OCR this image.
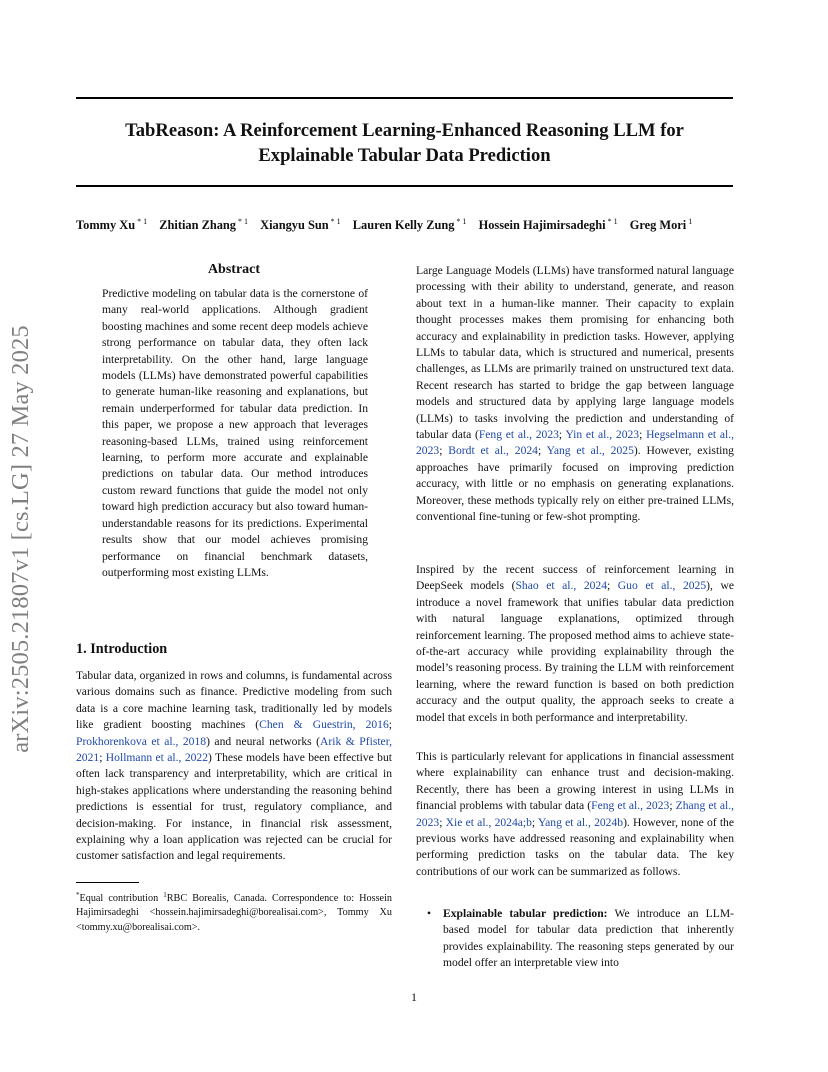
TabReason: A Reinforcement Learning-Enhanced Reasoning LLM for
Explainable Tabular Data Prediction
Tommy Xu $^{* 1}$ Zhitian Zhang $^{* 1}$ Xiangyu Sun $^{* 1}$ Lauren Kelly Zung $^{* 1}$ Hossein Hajimirsadeghi $^{* 1}$ Greg Mori $^1$
arXiv:2505.21807v1 [cs.LG] 27 May 2025
Abstract
Predictive modeling on tabular data is the cornerstone of many real-world applications. Although gradient boosting machines and some recent deep models achieve strong performance on tabular data, they often lack interpretability. On the other hand, large language models (LLMs) have demonstrated powerful capabilities to generate human-like reasoning and explanations, but remain underperformed for tabular data prediction. In this paper, we propose a new approach that leverages reasoning-based LLMs, trained using reinforcement learning, to perform more accurate and explainable predictions on tabular data. Our method introduces custom reward functions that guide the model not only toward high prediction accuracy but also toward human-understandable reasons for its predictions. Experimental results show that our model achieves promising performance on financial benchmark datasets, outperforming most existing LLMs.
1. Introduction

Tabular data, organized in rows and columns, is fundamental across various domains such as finance. Predictive modeling from such data is a core machine learning task, traditionally led by models like gradient boosting machines (Chen & Guestrin, 2016; Prokhorenkova et al., 2018) and neural networks (Arik & Pfister, 2021; Hollmann et al., 2022) These models have been effective but often lack transparency and interpretability, which are critical in high-stakes applications where understanding the reasoning behind predictions is essential for trust, regulatory compliance, and decision-making. For instance, in financial risk assessment, explaining why a loan application was rejected can be crucial for customer satisfaction and legal requirements.

*Equal contribution $^1$RBC Borealis, Canada. Correspondence to: Hossein Hajimirsadeghi <hossein.hajimirsadeghi@borealisai.com>, Tommy Xu <tommy.xu@borealisai.com>.

Large Language Models (LLMs) have transformed natural language processing with their ability to understand, generate, and reason about text in a human-like manner. Their capacity to explain thought processes makes them promising for enhancing both accuracy and explainability in prediction tasks. However, applying LLMs to tabular data, which is structured and numerical, presents challenges, as LLMs are primarily trained on unstructured text data. Recent research has started to bridge the gap between language models and structured data by applying large language models (LLMs) to tasks involving the prediction and understanding of tabular data (Feng et al., 2023; Yin et al., 2023; Hegselmann et al., 2023; Bordt et al., 2024; Yang et al., 2025). However, existing approaches have primarily focused on improving prediction accuracy, with little or no emphasis on generating explanations. Moreover, these methods typically rely on either pre-trained LLMs, conventional fine-tuning or few-shot prompting.

Inspired by the recent success of reinforcement learning in DeepSeek models (Shao et al., 2024; Guo et al., 2025), we introduce a novel framework that unifies tabular data prediction with natural language explanations, optimized through reinforcement learning. The proposed method aims to achieve state-of-the-art accuracy while providing explainability through the model’s reasoning process. By training the LLM with reinforcement learning, where the reward function is based on both prediction accuracy and the output quality, the approach seeks to create a model that excels in both performance and interpretability.

This is particularly relevant for applications in financial assessment where explainability can enhance trust and decision-making. Recently, there has been a growing interest in using LLMs in financial problems with tabular data (Feng et al., 2023; Zhang et al., 2023; Xie et al., 2024a;b; Yang et al., 2024b). However, none of the previous works have addressed reasoning and explainability when performing prediction tasks on the tabular data. The key contributions of our work can be summarized as follows.

• Explainable tabular prediction: We introduce an LLM-based model for tabular data prediction that inherently provides explainability. The reasoning steps generated by our model offer an interpretable view into
1
